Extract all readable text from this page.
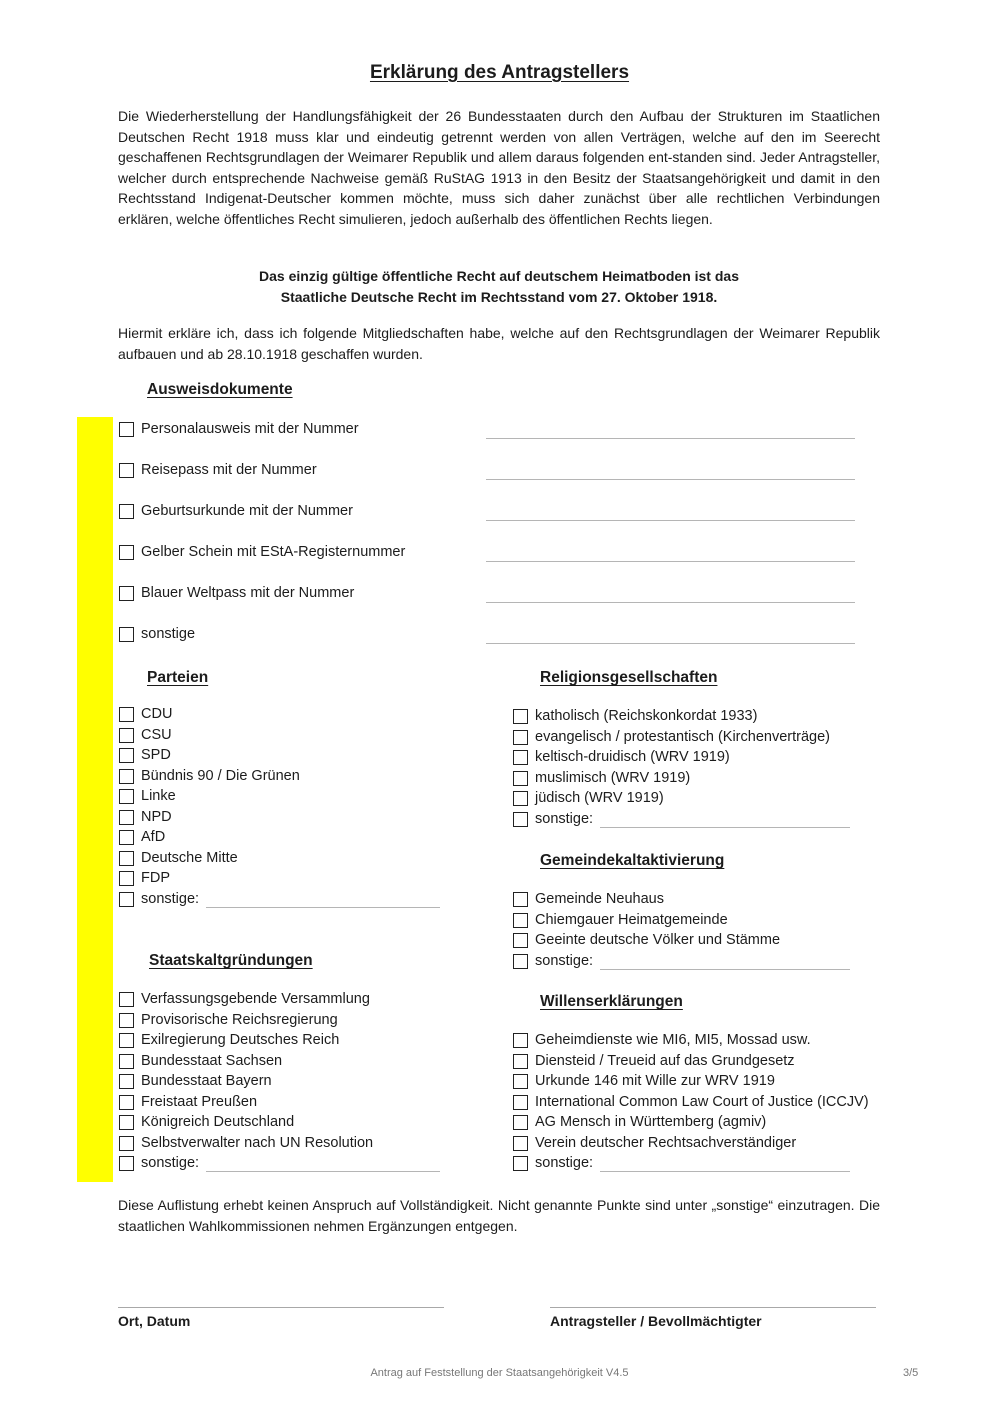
Erklärung des Antragstellers

Die Wiederherstellung der Handlungsfähigkeit der 26 Bundesstaaten durch den Aufbau der Strukturen im Staatlichen Deutschen Recht 1918 muss klar und eindeutig getrennt werden von allen Verträgen, welche auf den im Seerecht geschaffenen Rechtsgrundlagen der Weimarer Republik und allem daraus folgenden ent-standen sind. Jeder Antragsteller, welcher durch entsprechende Nachweise gemäß RuStAG 1913 in den Besitz der Staatsangehörigkeit und damit in den Rechtsstand Indigenat-Deutscher kommen möchte, muss sich daher zunächst über alle rechtlichen Verbindungen erklären, welche öffentliches Recht simulieren, jedoch außerhalb des öffentlichen Rechts liegen.

Das einzig gültige öffentliche Recht auf deutschem Heimatboden ist das
Staatliche Deutsche Recht im Rechtsstand vom 27. Oktober 1918.

Hiermit erkläre ich, dass ich folgende Mitgliedschaften habe, welche auf den Rechtsgrundlagen der Weimarer Republik aufbauen und ab 28.10.1918 geschaffen wurden.

Ausweisdokumente
Personalausweis mit der Nummer
Reisepass mit der Nummer
Geburtsurkunde mit der Nummer
Gelber Schein mit EStA-Registernummer
Blauer Weltpass mit der Nummer
sonstige
Parteien
CDU
CSU
SPD
Bündnis 90 / Die Grünen
Linke
NPD
AfD
Deutsche Mitte
FDP
sonstige:
Staatskaltgründungen
Verfassungsgebende Versammlung
Provisorische Reichsregierung
Exilregierung Deutsches Reich
Bundesstaat Sachsen
Bundesstaat Bayern
Freistaat Preußen
Königreich Deutschland
Selbstverwalter nach UN Resolution
sonstige:
Religionsgesellschaften
katholisch (Reichskonkordat 1933)
evangelisch / protestantisch (Kirchenverträge)
keltisch-druidisch (WRV 1919)
muslimisch (WRV 1919)
jüdisch (WRV 1919)
sonstige:
Gemeindekaltaktivierung
Gemeinde Neuhaus
Chiemgauer Heimatgemeinde
Geeinte deutsche Völker und Stämme
sonstige:
Willenserklärungen
Geheimdienste wie MI6, MI5, Mossad usw.
Diensteid / Treueid auf das Grundgesetz
Urkunde 146 mit Wille zur WRV 1919
International Common Law Court of Justice (ICCJV)
AG Mensch in Württemberg (agmiv)
Verein deutscher Rechtsachverständiger
sonstige:

Diese Auflistung erhebt keinen Anspruch auf Vollständigkeit. Nicht genannte Punkte sind unter „sonstige“ einzutragen. Die staatlichen Wahlkommissionen nehmen Ergänzungen entgegen.

Ort, Datum	Antragsteller / Bevollmächtigter
Antrag auf Feststellung der Staatsangehörigkeit V4.5	3/5
